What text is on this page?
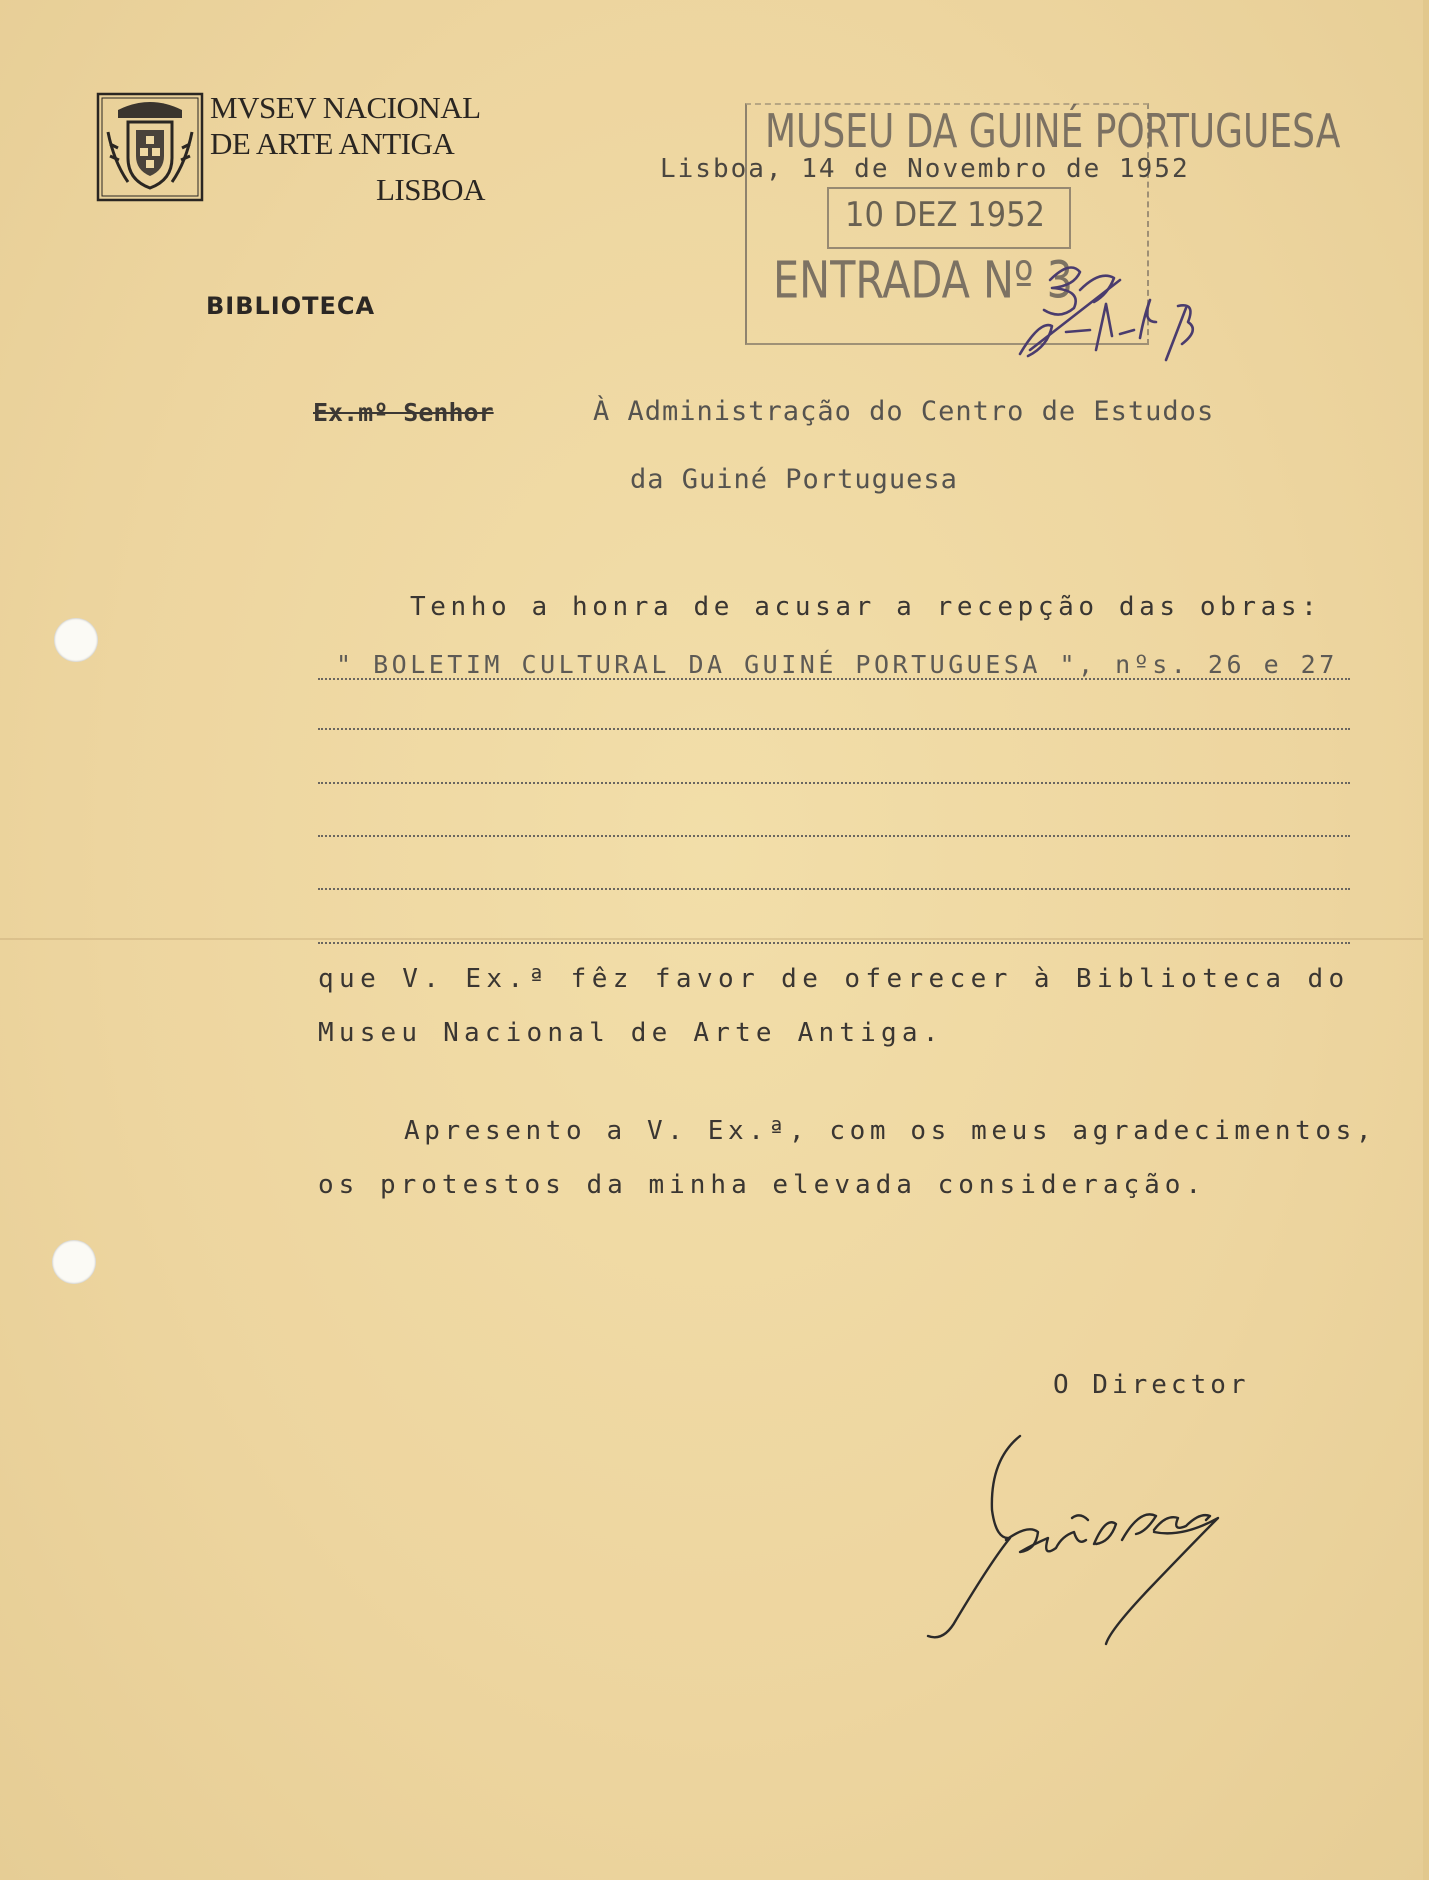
MVSEV NACIONAL
DE ARTE ANTIGA
LISBOA
BIBLIOTECA
Lisboa, 14 de Novembro de 1952
MUSEU DA GUINÉ PORTUGUESA
10 DEZ 1952
ENTRADA Nº 3
Ex.mº Senhor	À Administração do Centro de Estudos
da Guiné Portuguesa
Tenho a honra de acusar a recepção das obras:
" BOLETIM CULTURAL DA GUINÉ PORTUGUESA ", nºs. 26 e 27
que V. Ex.ª fêz favor de oferecer à Biblioteca do
Museu Nacional de Arte Antiga.
Apresento a V. Ex.ª, com os meus agradecimentos,
os protestos da minha elevada consideração.
O Director
